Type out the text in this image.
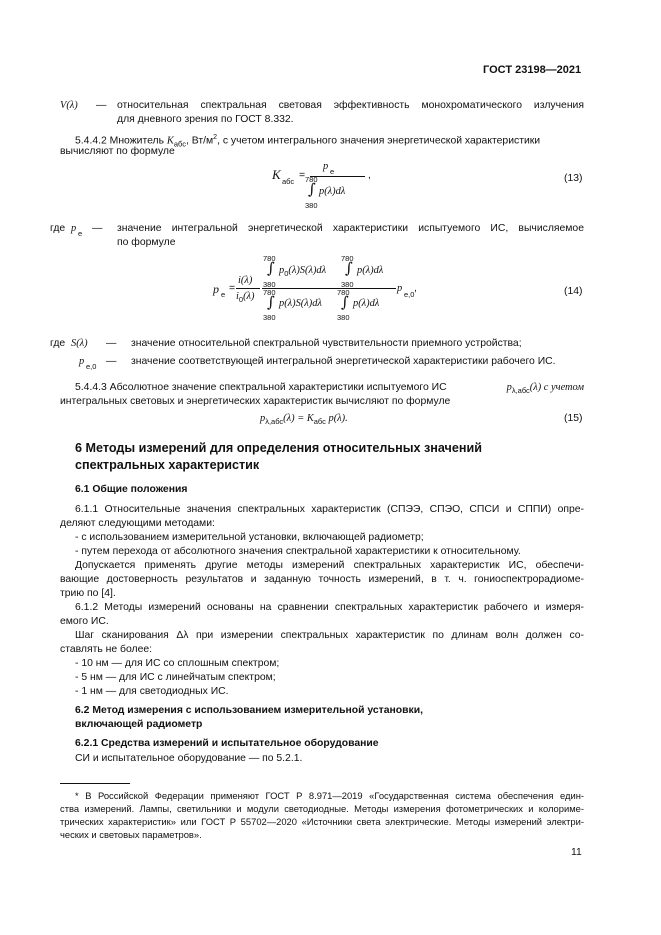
ГОСТ 23198—2021
V(λ) — относительная спектральная световая эффективность монохроматического излучения
для дневного зрения по ГОСТ 8.332.
5.4.4.2 Множитель $K_{абс}$, $Вт/м^2$, с учетом интегрального значения энергетической характеристики
вычисляют по формуле
K абс
=
p e
780
∫
380
p(λ)dλ
,	(13)
где p e — значение интегральной энергетической характеристики испытуемого ИС, вычисляемое
по формуле
p e
=
i(λ)
$i_0(\lambda)$
780
∫
380
$p_0(\lambda)S(\lambda)d\lambda$
780
∫
380
p(λ)dλ
780
∫
380
p(λ)S(λ)dλ
780
∫
380
p(λ)dλ
p
e,0
,	(14)
где S(λ) — значение относительной спектральной чувствительности приемного устройства;
p e,0 — значение соответствующей интегральной энергетической характеристики рабочего ИС.
5.4.4.3 Абсолютное значение спектральной характеристики испытуемого ИС	$p_{\lambda,абс}(\lambda)$ с учетом
интегральных световых и энергетических характеристик вычисляют по формуле
$p_{\lambda,абс}(\lambda) = K_{абс}$ p(λ).	(15)
6 Методы измерений для определения относительных значений
спектральных характеристик
6.1 Общие положения
6.1.1 Относительные значения спектральных характеристик (СПЭЭ, СПЭО, СПСИ и СППИ) опре-
деляют следующими методами:
- с использованием измерительной установки, включающей радиометр;
- путем перехода от абсолютного значения спектральной характеристики к относительному.
Допускается применять другие методы измерений спектральных характеристик ИС, обеспечи-
вающие достоверность результатов и заданную точность измерений, в т. ч. гониоспектрорадиоме-
трию по [4].
6.1.2 Методы измерений основаны на сравнении спектральных характеристик рабочего и измеря-
емого ИС.
Шаг сканирования Δλ при измерении спектральных характеристик по длинам волн должен со-
ставлять не более:
- 10 нм — для ИС со сплошным спектром;
- 5 нм — для ИС с линейчатым спектром;
- 1 нм — для светодиодных ИС.
6.2 Метод измерения с использованием измерительной установки,
включающей радиометр
6.2.1 Средства измерений и испытательное оборудование
СИ и испытательное оборудование — по 5.2.1.
* В Российской Федерации применяют ГОСТ Р 8.971—2019 «Государственная система обеспечения един-
ства измерений. Лампы, светильники и модули светодиодные. Методы измерения фотометрических и колориме-
трических характеристик» или ГОСТ Р 55702—2020 «Источники света электрические. Методы измерений электри-
ческих и световых параметров».
11
